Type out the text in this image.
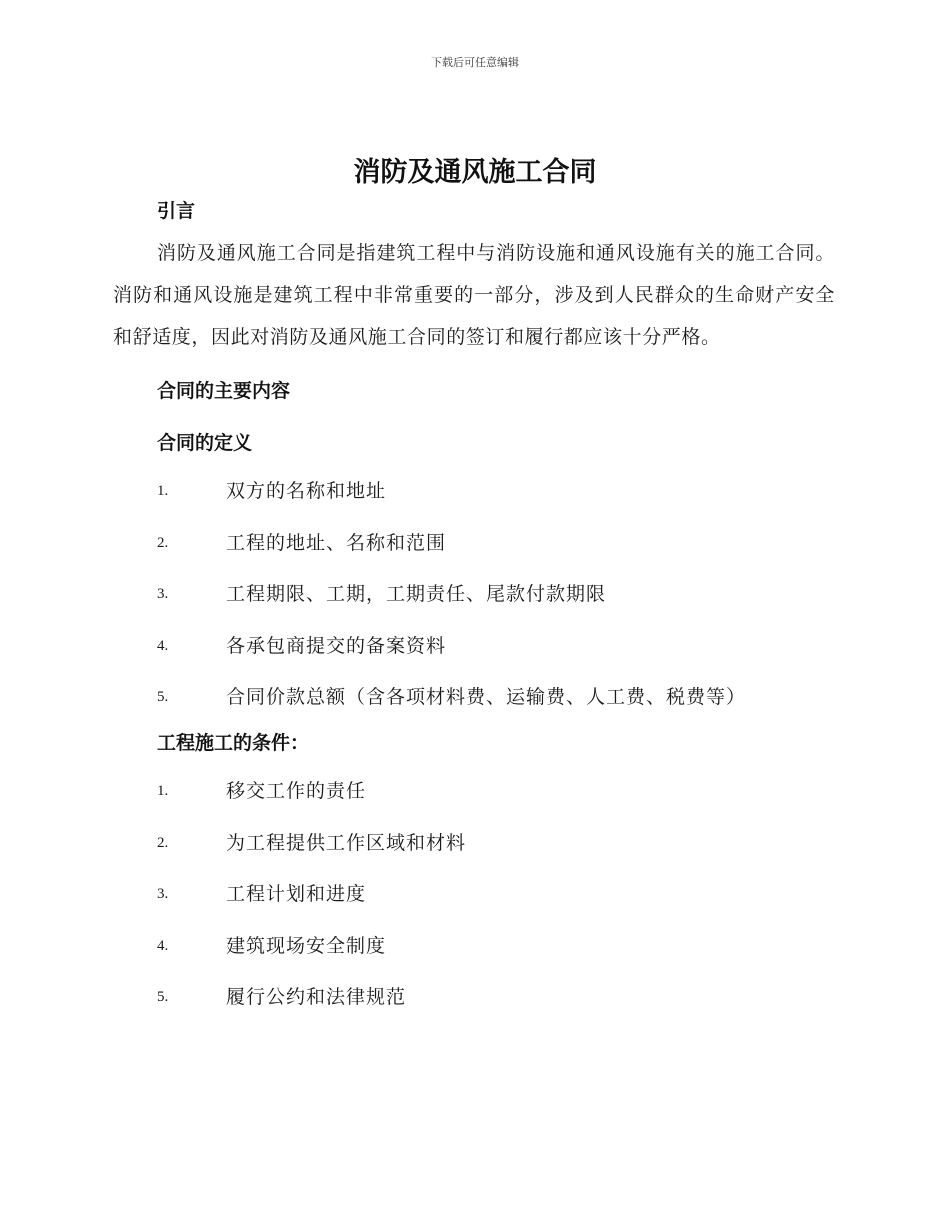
下载后可任意编辑
消防及通风施工合同
引言
消防及通风施工合同是指建筑工程中与消防设施和通风设施有关的施工合同。消防和通风设施是建筑工程中非常重要的一部分，涉及到人民群众的生命财产安全和舒适度，因此对消防及通风施工合同的签订和履行都应该十分严格。
合同的主要内容
合同的定义
1.	双方的名称和地址
2.	工程的地址、名称和范围
3.	工程期限、工期，工期责任、尾款付款期限
4.	各承包商提交的备案资料
5.	合同价款总额（含各项材料费、运输费、人工费、税费等）
工程施工的条件：
1.	移交工作的责任
2.	为工程提供工作区域和材料
3.	工程计划和进度
4.	建筑现场安全制度
5.	履行公约和法律规范
